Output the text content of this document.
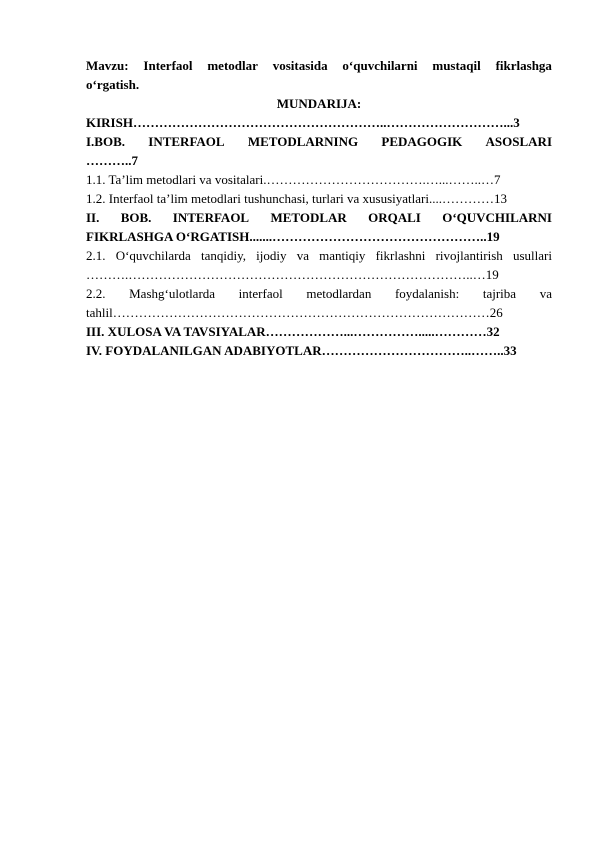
Mavzu: Interfaol metodlar vositasida o‘quvchilarni mustaqil fikrlashga
o‘rgatish.
MUNDARIJA:
KIRISH…………………………………………………..………………………...3
I.BOB. INTERFAOL METODLARNING PEDAGOGIK ASOSLARI
………..7
1.1. Ta’lim metodlari va vositalari.……………………………….…...……..…7
1.2. Interfaol ta’lim metodlari tushunchasi, turlari va xususiyatlari....…………13
II. BOB. INTERFAOL METODLAR ORQALI O‘QUVCHILARNI
FIKRLASHGA O‘RGATISH.......…………………………………………..19
2.1. O‘quvchilarda tanqidiy, ijodiy va mantiqiy fikrlashni rivojlantirish usullari
……….……………………………………………………………………..…19
2.2. Mashg‘ulotlarda interfaol metodlardan foydalanish: tajriba va
tahlil……………………………………………………………………………26
III. XULOSA VA TAVSIYALAR………………...…………….....…………32
IV. FOYDALANILGAN ADABIYOTLAR……………………………..……..33
